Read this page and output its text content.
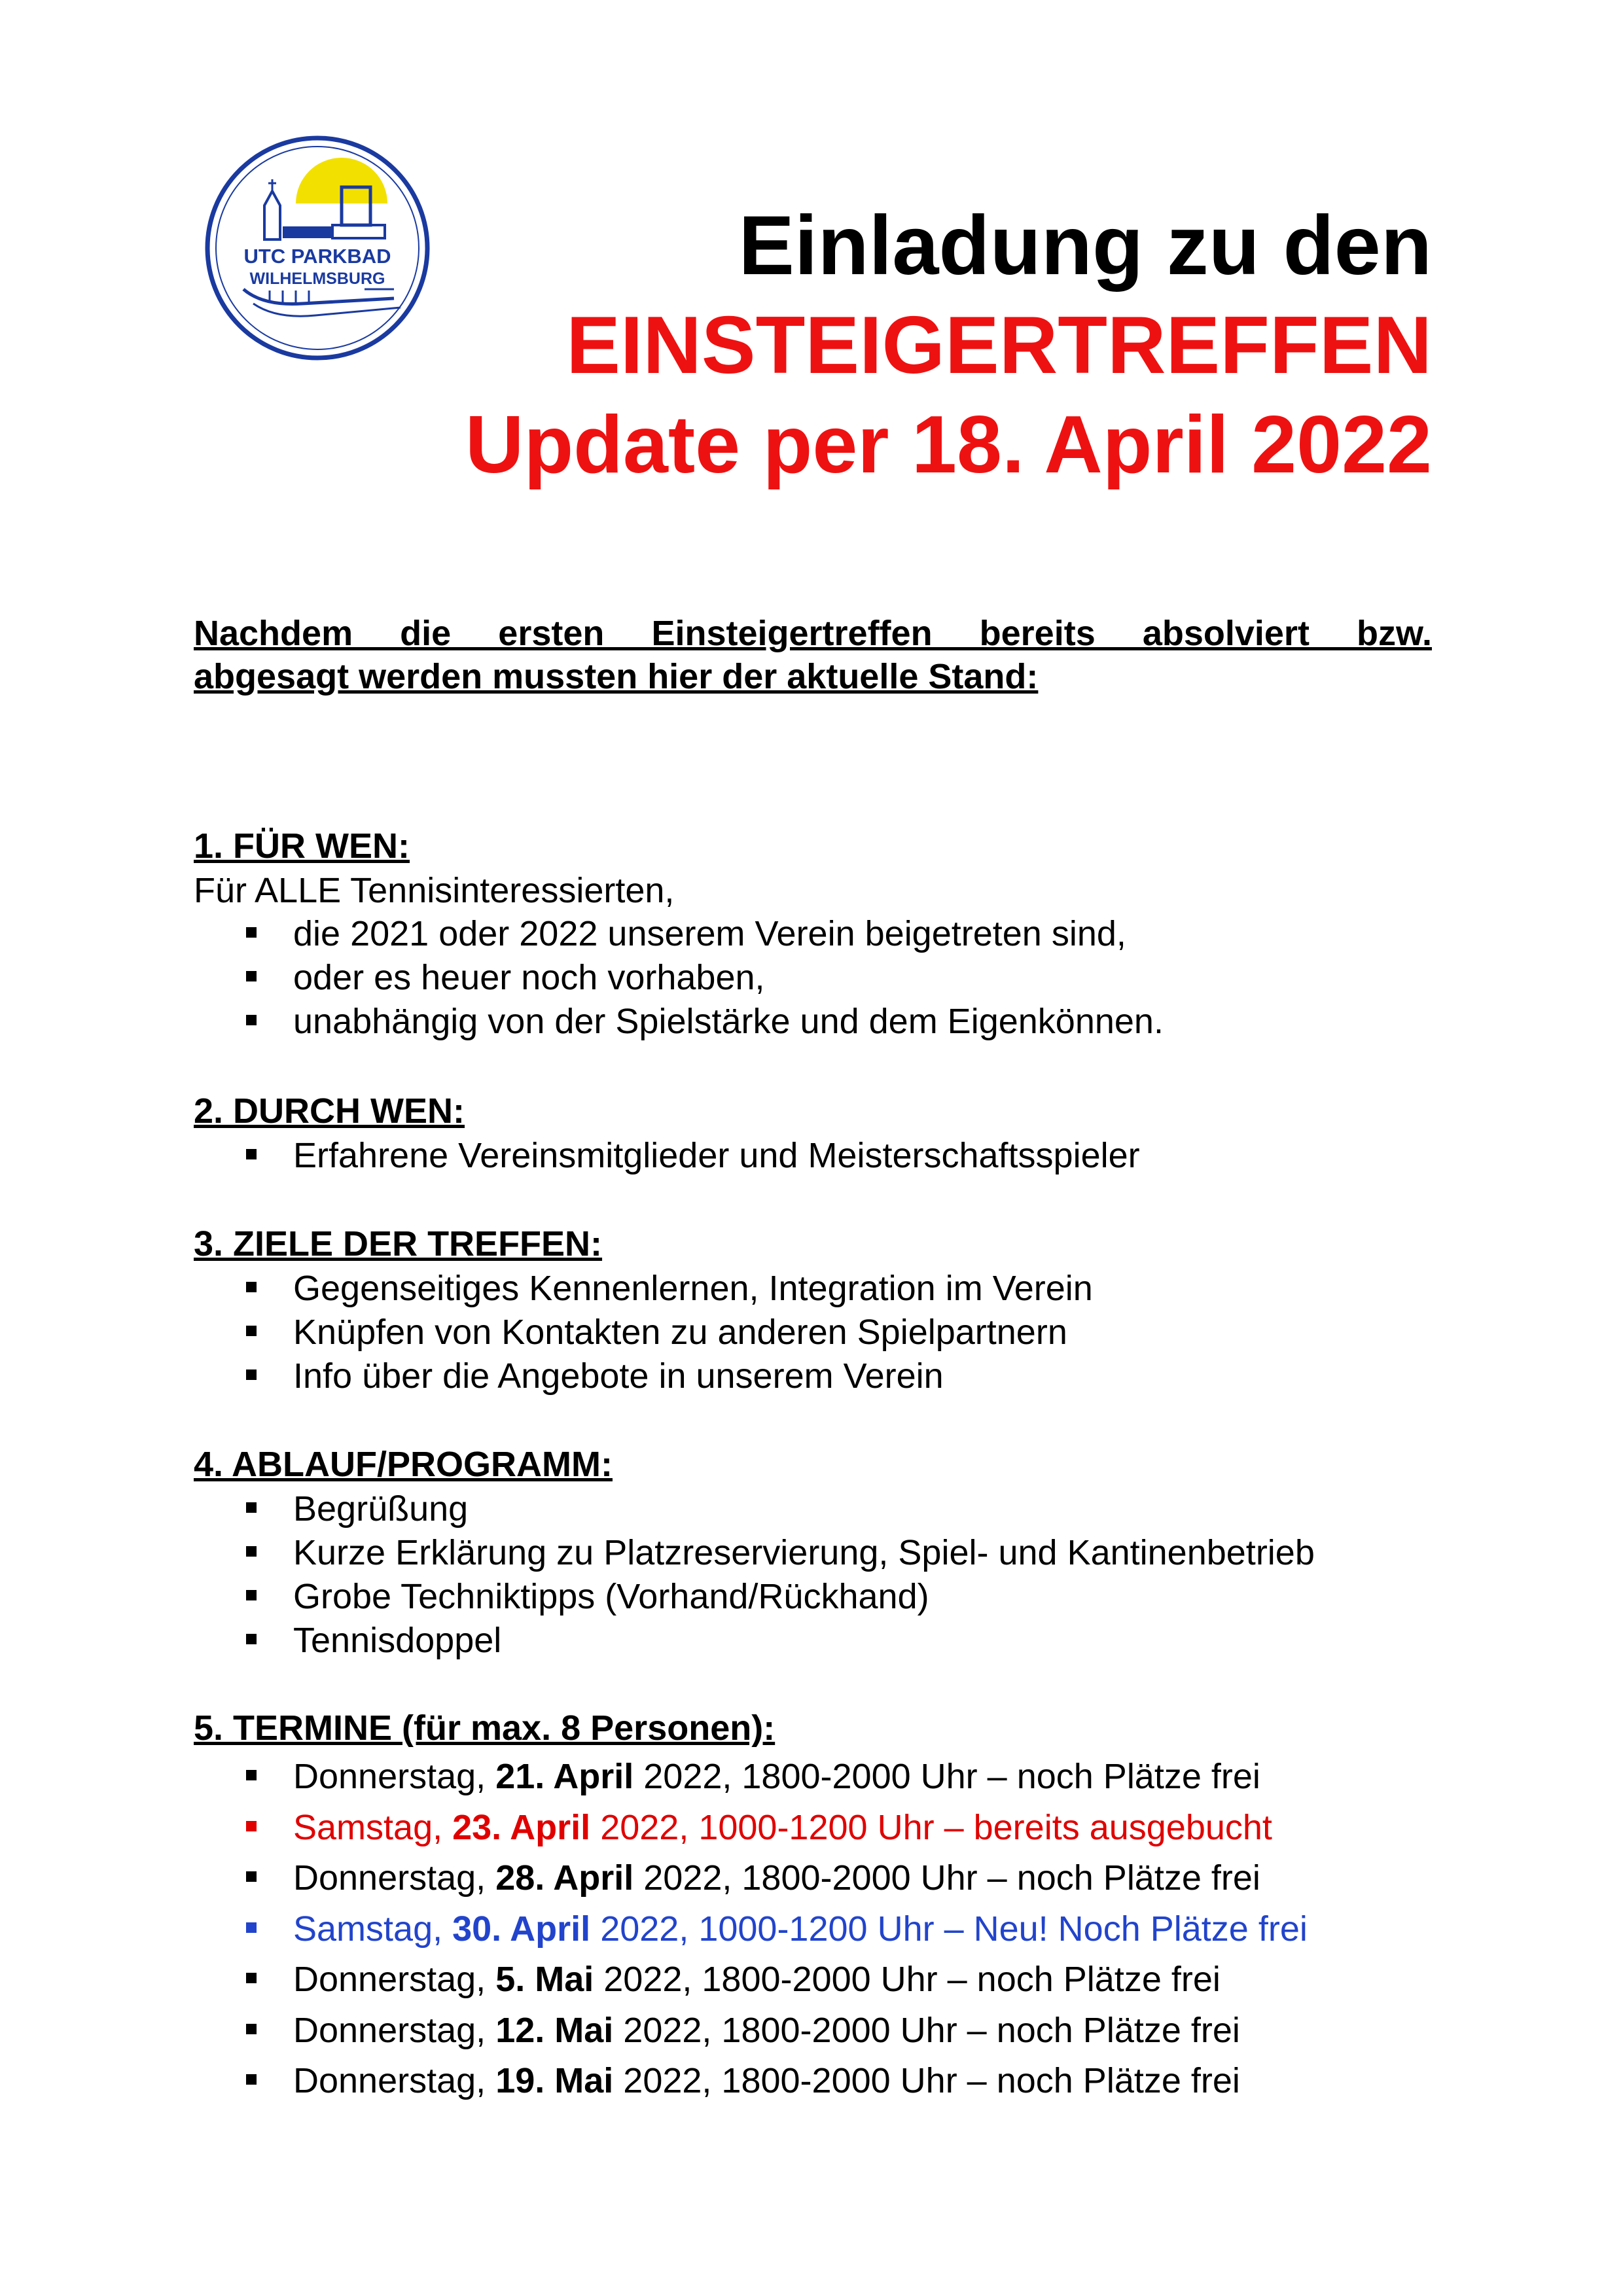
UTC PARKBAD
WILHELMSBURG	Einladung zu den
EINSTEIGERTREFFEN
Update per 18. April 2022
Nachdem die ersten Einsteigertreffen bereits absolviert bzw.
abgesagt werden mussten hier der aktuelle Stand:
1. FÜR WEN:
Für ALLE Tennisinteressierten,
die 2021 oder 2022 unserem Verein beigetreten sind,
oder es heuer noch vorhaben,
unabhängig von der Spielstärke und dem Eigenkönnen.
2. DURCH WEN:
Erfahrene Vereinsmitglieder und Meisterschaftsspieler
3. ZIELE DER TREFFEN:
Gegenseitiges Kennenlernen, Integration im Verein
Knüpfen von Kontakten zu anderen Spielpartnern
Info über die Angebote in unserem Verein
4. ABLAUF/PROGRAMM:
Begrüßung
Kurze Erklärung zu Platzreservierung, Spiel- und Kantinenbetrieb
Grobe Techniktipps (Vorhand/Rückhand)
Tennisdoppel
5. TERMINE (für max. 8 Personen):
Donnerstag, 21. April 2022, 1800-2000 Uhr – noch Plätze frei
Samstag, 23. April 2022, 1000-1200 Uhr – bereits ausgebucht
Donnerstag, 28. April 2022, 1800-2000 Uhr – noch Plätze frei
Samstag, 30. April 2022, 1000-1200 Uhr – Neu! Noch Plätze frei
Donnerstag, 5. Mai 2022, 1800-2000 Uhr – noch Plätze frei
Donnerstag, 12. Mai 2022, 1800-2000 Uhr – noch Plätze frei
Donnerstag, 19. Mai 2022, 1800-2000 Uhr – noch Plätze frei
